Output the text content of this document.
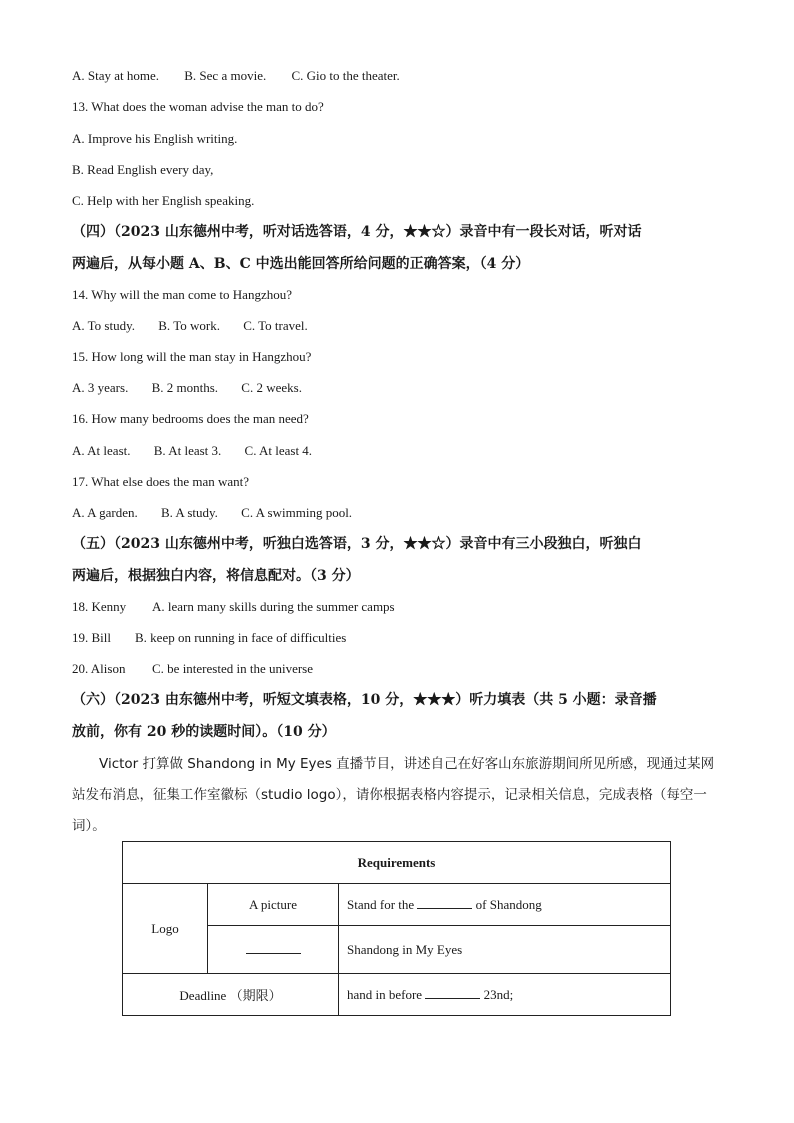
A. Stay at home. B. Sec a movie. C. Gio to the theater.
13. What does the woman advise the man to do?
A. Improve his English writing.
B. Read English every day,
C. Help with her English speaking.
（四）（2023 山东德州中考，听对话选答语，4 分，★★☆）录音中有一段长对话，听对话
两遍后，从每小题 A、B、C 中选出能回答所给问题的正确答案，（4 分）
14. Why will the man come to Hangzhou?
A. To study. B. To work. C. To travel.
15. How long will the man stay in Hangzhou?
A. 3 years. B. 2 months. C. 2 weeks.
16. How many bedrooms does the man need?
A. At least. B. At least 3. C. At least 4.
17. What else does the man want?
A. A garden. B. A study. C. A swimming pool.
（五）（2023 山东德州中考，听独白选答语，3 分，★★☆）录音中有三小段独白，听独白
两遍后，根据独白内容，将信息配对。（3 分）
18. Kenny A. learn many skills during the summer camps
19. Bill B. keep on running in face of difficulties
20. Alison C. be interested in the universe
（六）（2023 由东德州中考，听短文填表格，10 分，★★★）听力填表（共 5 小题：录音播
放前，你有 20 秒的读题时间）。（10 分）

Victor 打算做 Shandong in My Eyes 直播节目，讲述自己在好客山东旅游期间所见所感，现通过某网

站发布消息，征集工作室徽标（studio logo），请你根据表格内容提示，记录相关信息，完成表格（每空一

词）。

Requirements		
Logo	A picture	Stand for the of Shandong
		Shandong in My Eyes
Deadline （期限）		hand in before 23nd;
